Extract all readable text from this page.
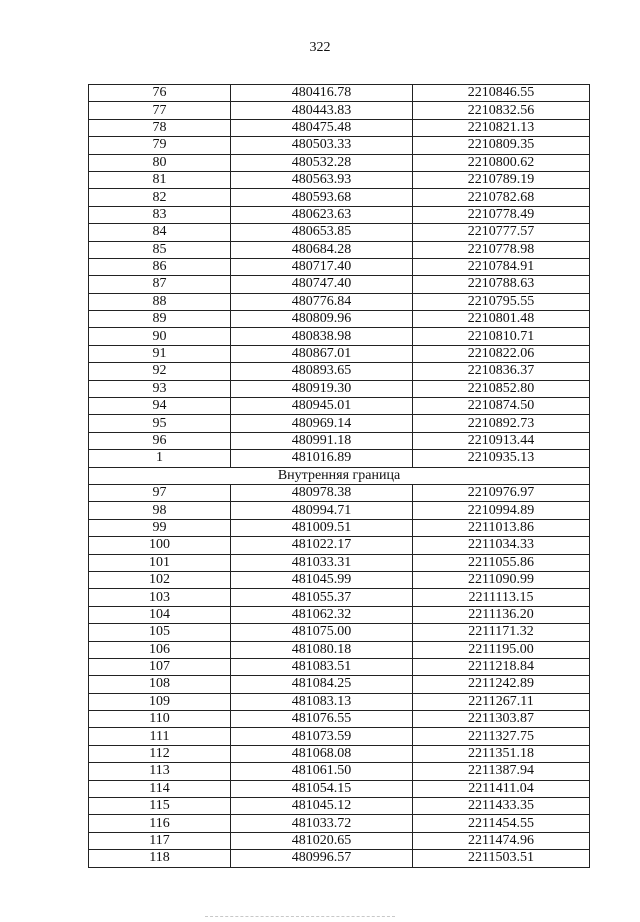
322
76	480416.78	2210846.55
77	480443.83	2210832.56
78	480475.48	2210821.13
79	480503.33	2210809.35
80	480532.28	2210800.62
81	480563.93	2210789.19
82	480593.68	2210782.68
83	480623.63	2210778.49
84	480653.85	2210777.57
85	480684.28	2210778.98
86	480717.40	2210784.91
87	480747.40	2210788.63
88	480776.84	2210795.55
89	480809.96	2210801.48
90	480838.98	2210810.71
91	480867.01	2210822.06
92	480893.65	2210836.37
93	480919.30	2210852.80
94	480945.01	2210874.50
95	480969.14	2210892.73
96	480991.18	2210913.44
1	481016.89	2210935.13
Внутренняя граница		
97	480978.38	2210976.97
98	480994.71	2210994.89
99	481009.51	2211013.86
100	481022.17	2211034.33
101	481033.31	2211055.86
102	481045.99	2211090.99
103	481055.37	2211113.15
104	481062.32	2211136.20
105	481075.00	2211171.32
106	481080.18	2211195.00
107	481083.51	2211218.84
108	481084.25	2211242.89
109	481083.13	2211267.11
110	481076.55	2211303.87
111	481073.59	2211327.75
112	481068.08	2211351.18
113	481061.50	2211387.94
114	481054.15	2211411.04
115	481045.12	2211433.35
116	481033.72	2211454.55
117	481020.65	2211474.96
118	480996.57	2211503.51
